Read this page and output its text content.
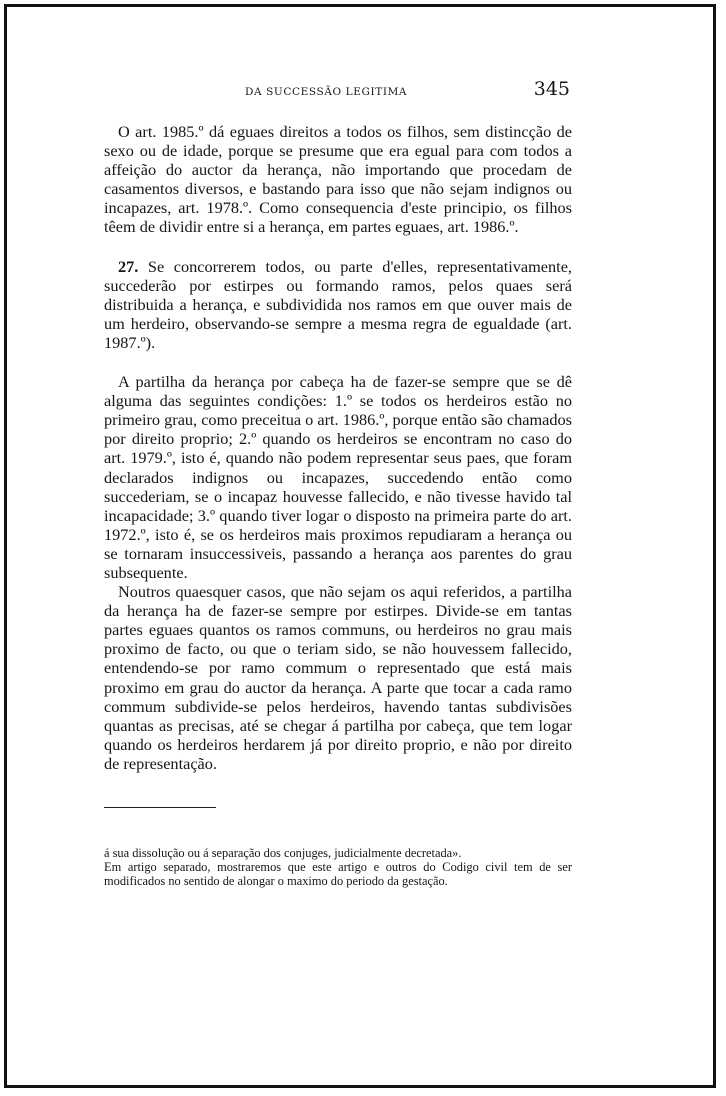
DA SUCCESSÃO LEGITIMA	345

O art. 1985.º dá eguaes direitos a todos os filhos, sem distincção de sexo ou de idade, porque se presume que era egual para com todos a affeição do auctor da herança, não importando que procedam de casamentos diversos, e bastando para isso que não sejam indignos ou incapazes, art. 1978.º. Como consequencia d'este principio, os filhos têem de dividir entre si a herança, em partes eguaes, art. 1986.º.

27. Se concorrerem todos, ou parte d'elles, representativamente, succederão por estirpes ou formando ramos, pelos quaes será distribuida a herança, e subdividida nos ramos em que ouver mais de um herdeiro, observando-se sempre a mesma regra de egualdade (art. 1987.º).

A partilha da herança por cabeça ha de fazer-se sempre que se dê alguma das seguintes condições: 1.º se todos os herdeiros estão no primeiro grau, como preceitua o art. 1986.º, porque então são chamados por direito proprio; 2.º quando os herdeiros se encontram no caso do art. 1979.º, isto é, quando não podem representar seus paes, que foram declarados indignos ou incapazes, succedendo então como succederiam, se o incapaz houvesse fallecido, e não tivesse havido tal incapacidade; 3.º quando tiver logar o disposto na primeira parte do art. 1972.º, isto é, se os herdeiros mais proximos repudiaram a herança ou se tornaram insuccessiveis, passando a herança aos parentes do grau subsequente.

Noutros quaesquer casos, que não sejam os aqui referidos, a partilha da herança ha de fazer-se sempre por estirpes. Divide-se em tantas partes eguaes quantos os ramos communs, ou herdeiros no grau mais proximo de facto, ou que o teriam sido, se não houvessem fallecido, entendendo-se por ramo commum o representado que está mais proximo em grau do auctor da herança. A parte que tocar a cada ramo commum subdivide-se pelos herdeiros, havendo tantas subdivisões quantas as precisas, até se chegar á partilha por cabeça, que tem logar quando os herdeiros herdarem já por direito proprio, e não por direito de representação.

á sua dissolução ou á separação dos conjuges, judicialmente decretada».

Em artigo separado, mostraremos que este artigo e outros do Codigo civil tem de ser modificados no sentido de alongar o maximo do periodo da gestação.
